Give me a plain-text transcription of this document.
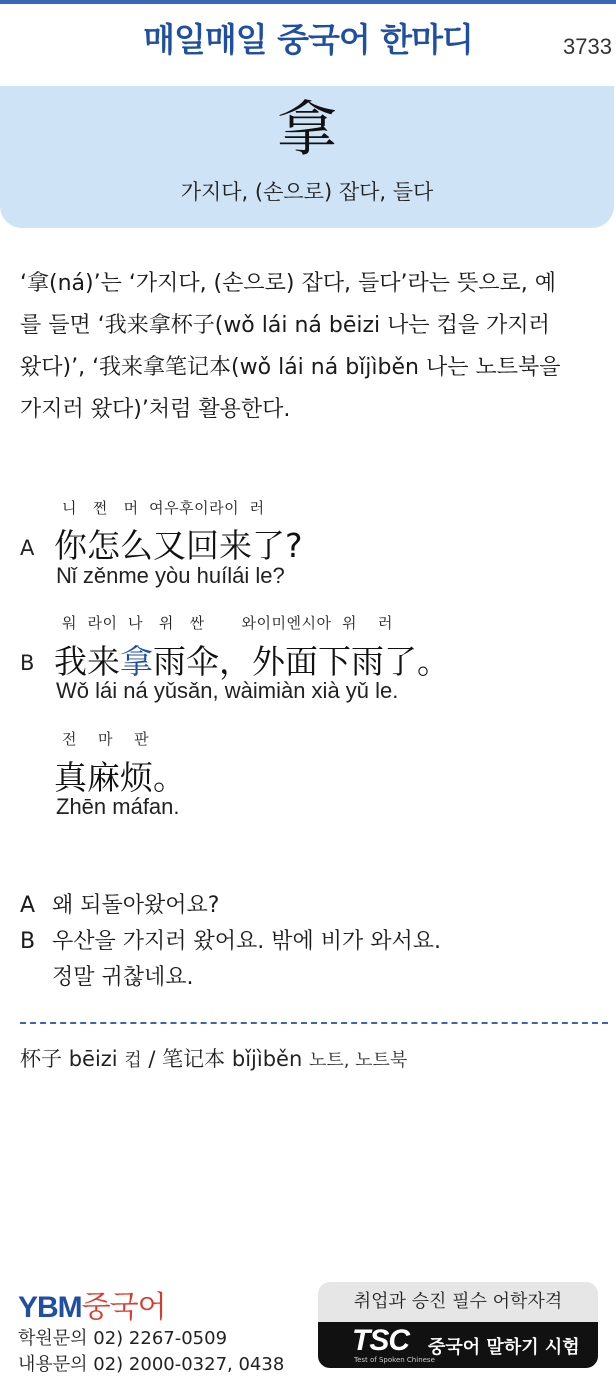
매일매일 중국어 한마디	3733
拿
가지다, (손으로) 잡다, 들다

‘拿(ná)’는 ‘가지다, (손으로) 잡다, 들다’라는 뜻으로, 예

를 들면 ‘我来拿杯子(wǒ lái ná bēizi 나는 컵을 가지러

왔다)’, ‘我来拿笔记本(wǒ lái ná bǐjìběn 나는 노트북을

가지러 왔다)’처럼 활용한다.

니   쩐   머  여우후이라이  러
A 你怎么又回来了?
Nǐ zěnme yòu huílái le?
워  라이  나   위   싼       와이미엔시아  위    러
B 我来拿雨伞，外面下雨了。
Wǒ lái ná yǔsǎn, wàimiàn xià yǔ le.
전    마    판
真麻烦。
Zhēn máfan.
A 왜 되돌아왔어요?
B 우산을 가지러 왔어요. 밖에 비가 와서요.
정말 귀찮네요.
杯子 bēizi 컵 / 笔记本 bǐjìběn 노트, 노트북
YBM중국어
학원문의 02) 2267-0509
내용문의 02) 2000-0327, 0438
취업과 승진 필수 어학자격
TSC
Test of Spoken Chinese
중국어 말하기 시험
